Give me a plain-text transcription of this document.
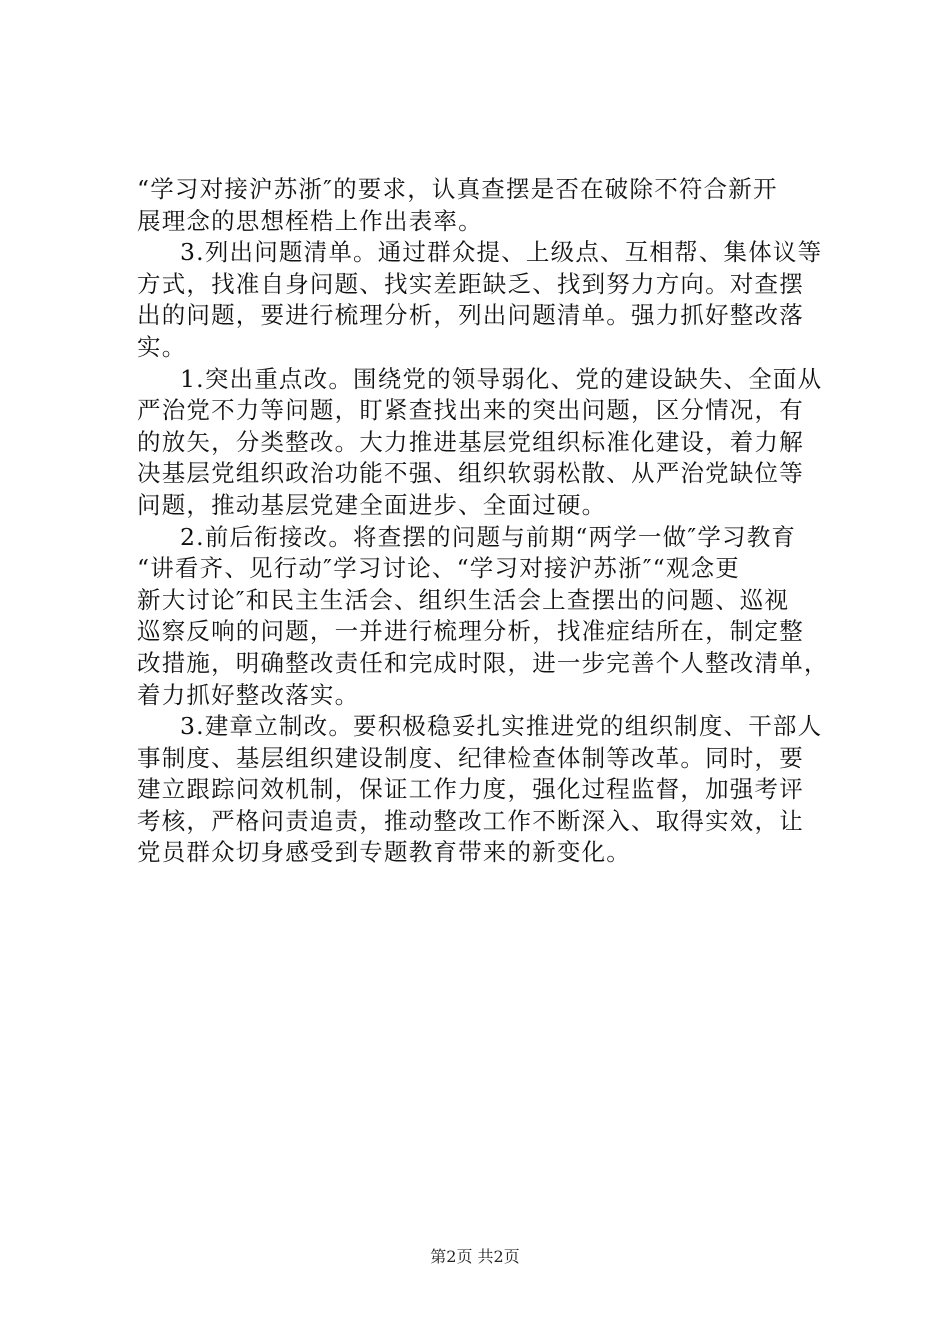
“学习对接沪苏浙″的要求，认真查摆是否在破除不符合新开
展理念的思想桎梏上作出表率。
3.列出问题清单。通过群众提、上级点、互相帮、集体议等
方式，找准自身问题、找实差距缺乏、找到努力方向。对查摆
出的问题，要进行梳理分析，列出问题清单。强力抓好整改落
实。
1.突出重点改。围绕党的领导弱化、党的建设缺失、全面从
严治党不力等问题，盯紧查找出来的突出问题，区分情况，有
的放矢，分类整改。大力推进基层党组织标准化建设，着力解
决基层党组织政治功能不强、组织软弱松散、从严治党缺位等
问题，推动基层党建全面进步、全面过硬。
2.前后衔接改。将查摆的问题与前期“两学一做″学习教育
“讲看齐、见行动″学习讨论、“学习对接沪苏浙″“观念更
新大讨论″和民主生活会、组织生活会上查摆出的问题、巡视
巡察反响的问题，一并进行梳理分析，找准症结所在，制定整
改措施，明确整改责任和完成时限，进一步完善个人整改清单，
着力抓好整改落实。
3.建章立制改。要积极稳妥扎实推进党的组织制度、干部人
事制度、基层组织建设制度、纪律检查体制等改革。同时，要
建立跟踪问效机制，保证工作力度，强化过程监督，加强考评
考核，严格问责追责，推动整改工作不断深入、取得实效，让
党员群众切身感受到专题教育带来的新变化。
第2页 共2页
